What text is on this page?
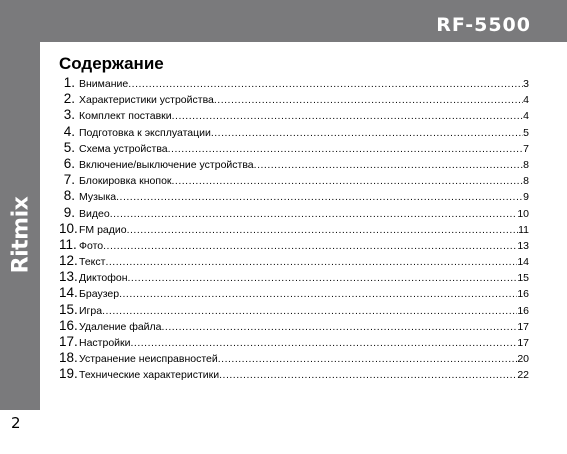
RF-5500
Ritmix
2
Содержание
1. Внимание .....	3
2. Характеристики устройства .....	4
3. Комплект поставки .....	4
4. Подготовка к эксплуатации .....	5
5. Схема устройства .....	7
6. Включение/выключение устройства .....	8
7. Блокировка кнопок .....	8
8. Музыка .....	9
9. Видео .....	10
10. FM радио .....	11
11. Фото .....	13
12. Текст .....	14
13. Диктофон .....	15
14. Браузер .....	16
15. Игра .....	16
16. Удаление файла .....	17
17. Настройки .....	17
18. Устранение неисправностей .....	20
19. Технические характеристики .....	22
